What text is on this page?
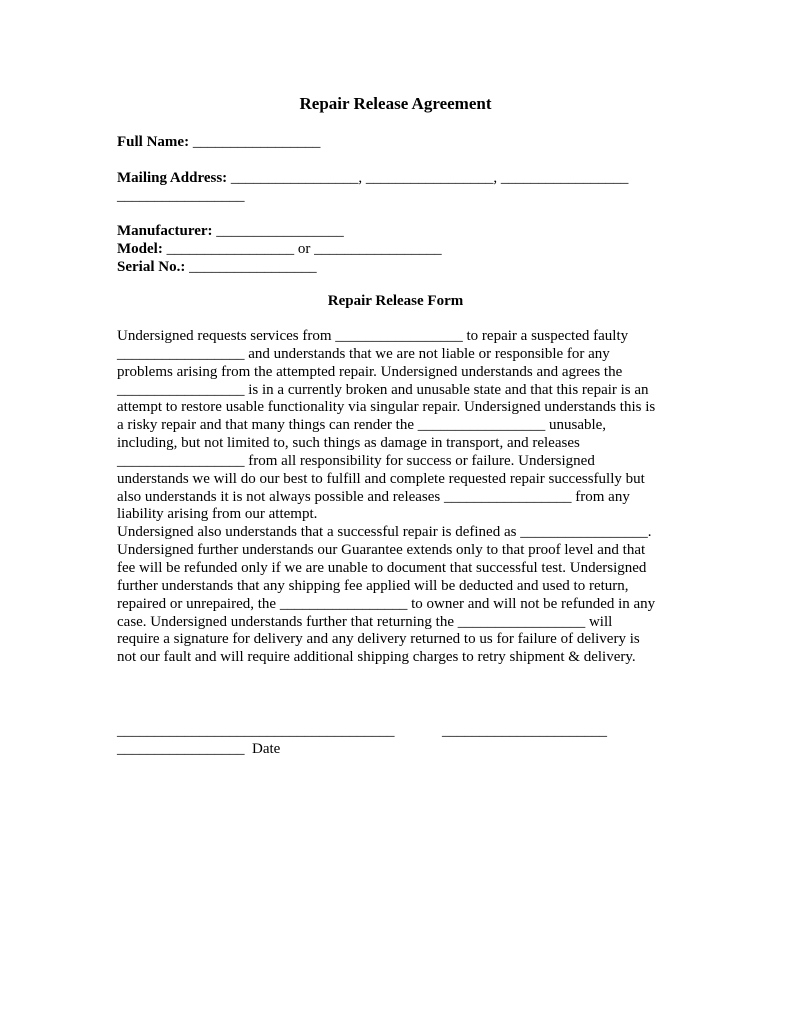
Repair Release Agreement
Full Name: _________________
Mailing Address: _________________, _________________, _________________
_________________
Manufacturer: _________________
Model: _________________ or _________________
Serial No.: _________________
Repair Release Form
Undersigned requests services from _________________ to repair a suspected faulty
_________________ and understands that we are not liable or responsible for any
problems arising from the attempted repair. Undersigned understands and agrees the
_________________ is in a currently broken and unusable state and that this repair is an
attempt to restore usable functionality via singular repair. Undersigned understands this is
a risky repair and that many things can render the _________________ unusable,
including, but not limited to, such things as damage in transport, and releases
_________________ from all responsibility for success or failure. Undersigned
understands we will do our best to fulfill and complete requested repair successfully but
also understands it is not always possible and releases _________________ from any
liability arising from our attempt.
Undersigned also understands that a successful repair is defined as _________________.
Undersigned further understands our Guarantee extends only to that proof level and that
fee will be refunded only if we are unable to document that successful test. Undersigned
further understands that any shipping fee applied will be deducted and used to return,
repaired or unrepaired, the _________________ to owner and will not be refunded in any
case. Undersigned understands further that returning the _________________ will
require a signature for delivery and any delivery returned to us for failure of delivery is
not our fault and will require additional shipping charges to retry shipment & delivery.
_____________________________________	______________________
_________________ Date
